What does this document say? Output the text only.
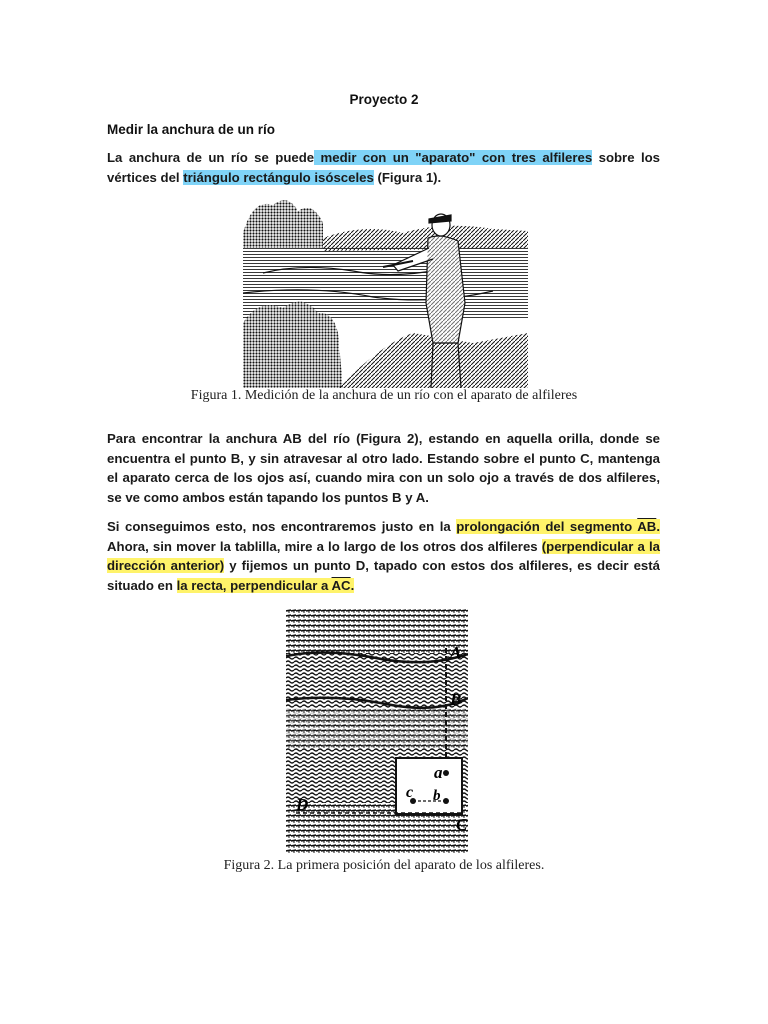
Proyecto 2
Medir la anchura de un río
La anchura de un río se puede medir con un "aparato" con tres alfileres sobre los vértices del triángulo rectángulo isósceles (Figura 1).
Figura 1. Medición de la anchura de un río con el aparato de alfileres
Para encontrar la anchura AB del río (Figura 2), estando en aquella orilla, donde se encuentra el punto B, y sin atravesar al otro lado. Estando sobre el punto C, mantenga el aparato cerca de los ojos así, cuando mira con un solo ojo a través de dos alfileres, se ve como ambos están tapando los puntos B y A.
Si conseguimos esto, nos encontraremos justo en la prolongación del segmento $\overline{AB}$. Ahora, sin mover la tablilla, mire a lo largo de los otros dos alfileres (perpendicular a la dirección anterior) y fijemos un punto D, tapado con estos dos alfileres, es decir está situado en la recta, perpendicular a $\overline{AC}$.
A
B
C
D
a
b
c
Figura 2. La primera posición del aparato de los alfileres.
